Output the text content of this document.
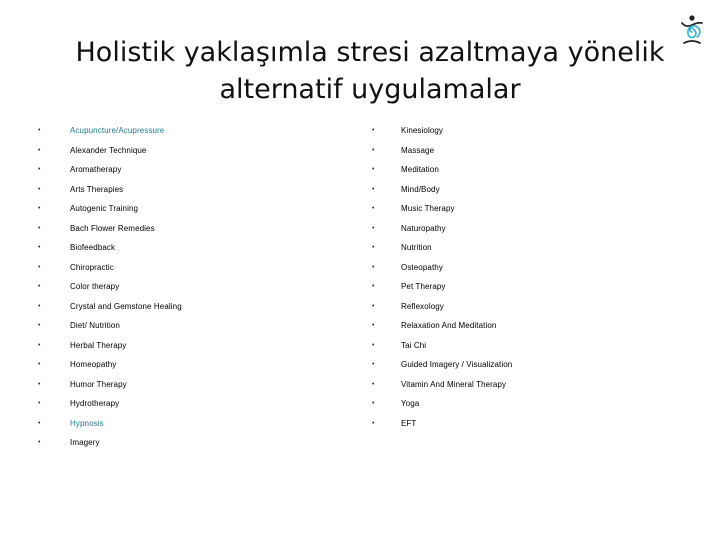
Holistik yaklaşımla stresi azaltmaya yönelik
alternatif uygulamalar
•	Acupuncture/Acupressure
•	Alexander Technique
•	Aromatherapy
•	Arts Therapies
•	Autogenic Training
•	Bach Flower Remedies
•	Biofeedback
•	Chiropractic
•	Color therapy
•	Crystal and Gemstone Healing
•	Diet/ Nutrition
•	Herbal Therapy
•	Homeopathy
•	Humor Therapy
•	Hydrotherapy
•	Hypnosis
•	Imagery
•	Kinesiology
•	Massage
•	Meditation
•	Mind/Body
•	Music Therapy
•	Naturopathy
•	Nutrition
•	Osteopathy
•	Pet Therapy
•	Reflexology
•	Relaxation And Meditation
•	Tai Chi
•	Guided Imagery / Visualization
•	Vitamin And Mineral Therapy
•	Yoga
•	EFT
